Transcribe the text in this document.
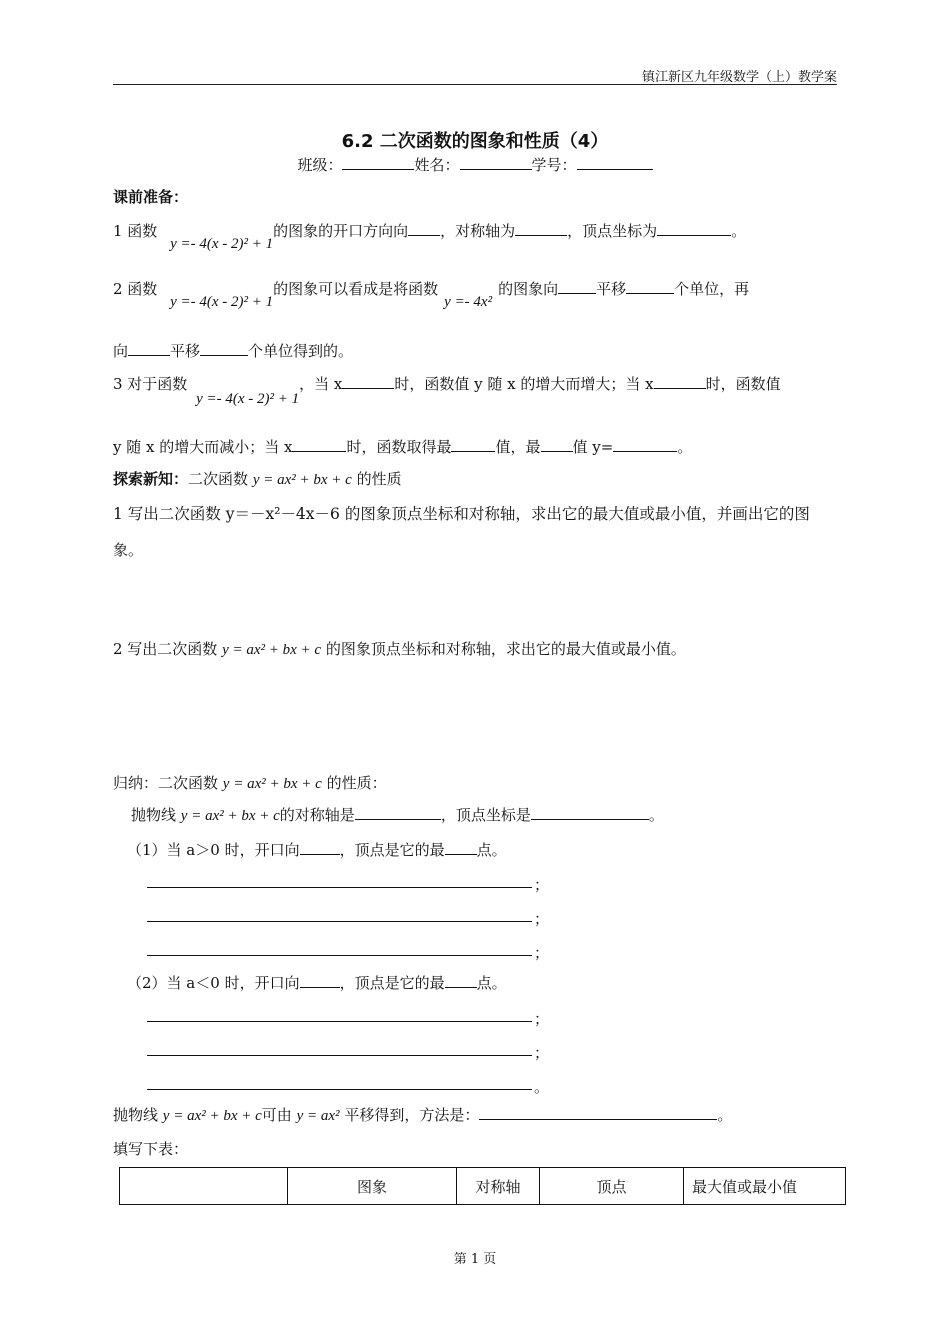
镇江新区九年级数学（上）教学案
6.2 二次函数的图象和性质（4）
班级：	姓名：	学号：
课前准备：
1 函数 y =- 4(x - 2)² + 1的图象的开口方向向 ，对称轴为	，顶点坐标为	。
2 函数 y =- 4(x - 2)² + 1的图象可以看成是将函数y =- 4x²的图象向	平移	个单位，再
向	平移	个单位得到的。
3 对于函数 y =- 4(x - 2)² + 1，当 x	时，函数值 y 随 x 的增大而增大；当 x	时，函数值
y 随 x 的增大而减小；当 x	时，函数取得最	值，最 值 y=	。
探索新知：二次函数 y = ax² + bx + c 的性质
1 写出二次函数 y＝－x²－4x－6 的图象顶点坐标和对称轴，求出它的最大值或最小值，并画出它的图
象。
2 写出二次函数 y = ax² + bx + c 的图象顶点坐标和对称轴，求出它的最大值或最小值。
归纳：二次函数 y = ax² + bx + c 的性质：
抛物线 y = ax² + bx + c的对称轴是	，顶点坐标是	。
（1）当 a＞0 时，开口向	，顶点是它的最 点。
；
；
；
（2）当 a＜0 时，开口向	，顶点是它的最 点。
；
；
。
抛物线 y = ax² + bx + c可由 y = ax² 平移得到，方法是：	。
填写下表：
	图象	对称轴	顶点	最大值或最小值
第 1 页
